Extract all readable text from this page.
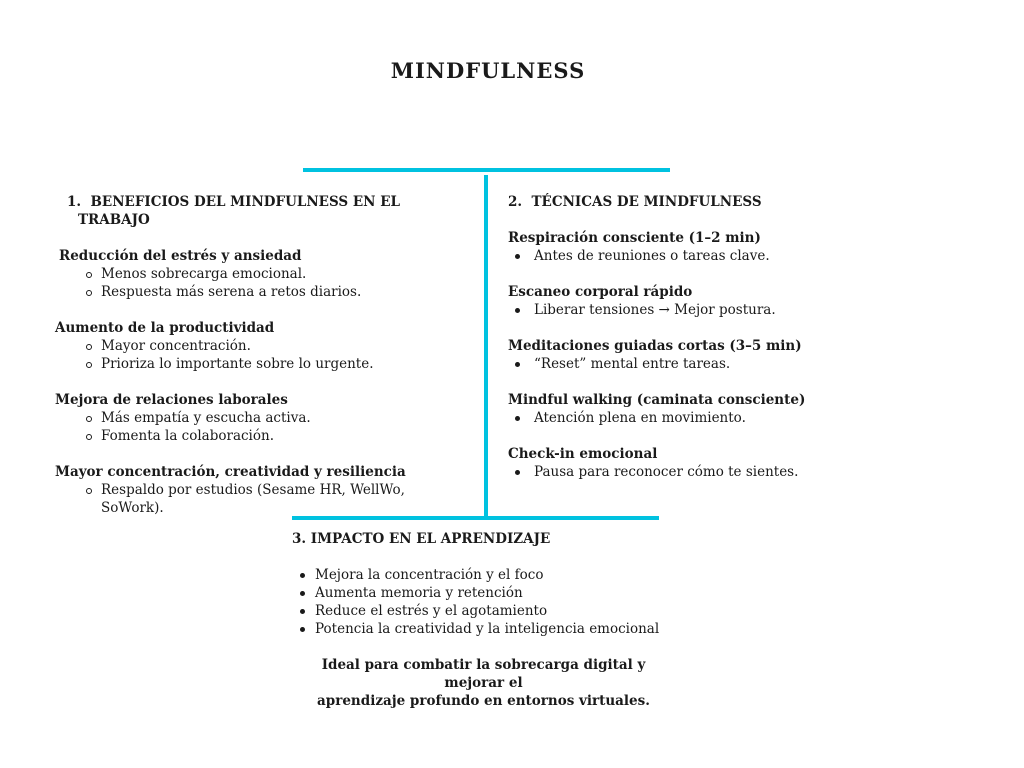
MINDFULNESS
1. BENEFICIOS DEL MINDFULNESS EN EL
TRABAJO
Reducción del estrés y ansiedad
Menos sobrecarga emocional.
Respuesta más serena a retos diarios.
Aumento de la productividad
Mayor concentración.
Prioriza lo importante sobre lo urgente.
Mejora de relaciones laborales
Más empatía y escucha activa.
Fomenta la colaboración.
Mayor concentración, creatividad y resiliencia
Respaldo por estudios (Sesame HR, WellWo,
SoWork).
2.  TÉCNICAS DE MINDFULNESS
Respiración consciente (1–2 min)
Antes de reuniones o tareas clave.
Escaneo corporal rápido
Liberar tensiones → Mejor postura.
Meditaciones guiadas cortas (3–5 min)
“Reset” mental entre tareas.
Mindful walking (caminata consciente)
Atención plena en movimiento.
Check-in emocional
Pausa para reconocer cómo te sientes.
3. IMPACTO EN EL APRENDIZAJE
Mejora la concentración y el foco
Aumenta memoria y retención
Reduce el estrés y el agotamiento
Potencia la creatividad y la inteligencia emocional
Ideal para combatir la sobrecarga digital y mejorar el
aprendizaje profundo en entornos virtuales.
